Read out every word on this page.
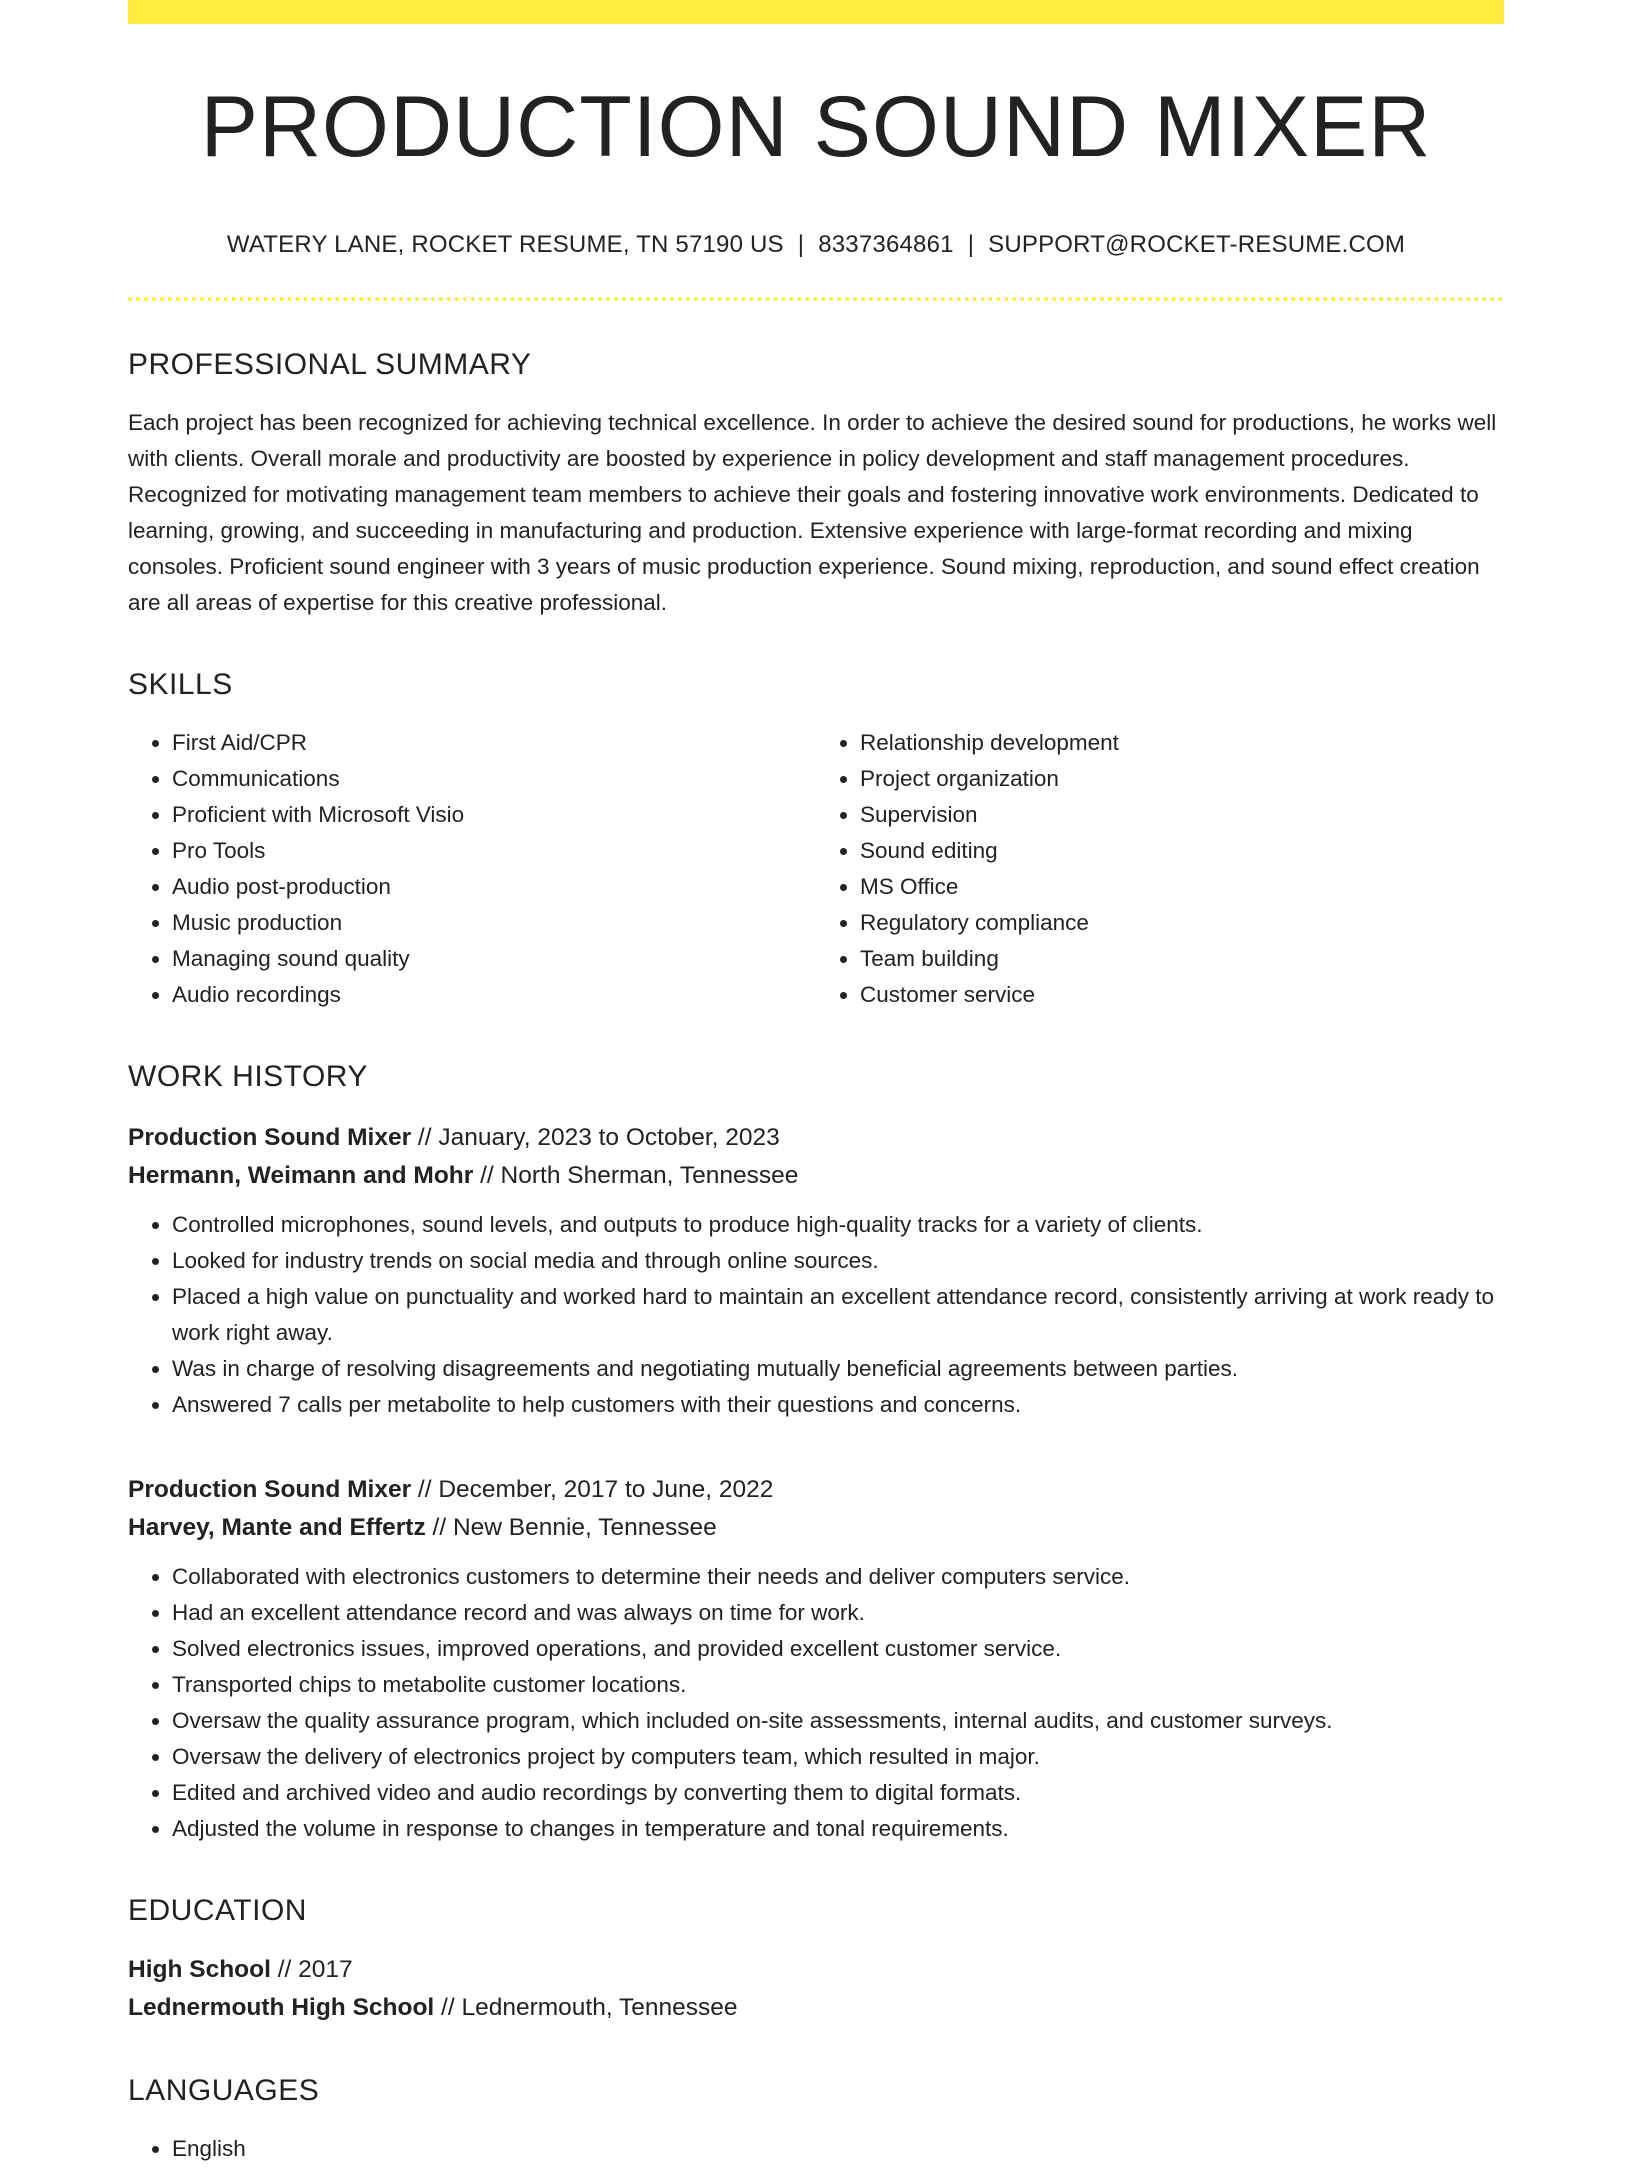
PRODUCTION SOUND MIXER
WATERY LANE, ROCKET RESUME, TN 57190 US | 8337364861 | SUPPORT@ROCKET-RESUME.COM
PROFESSIONAL SUMMARY

Each project has been recognized for achieving technical excellence. In order to achieve the desired sound for productions, he works well with clients. Overall morale and productivity are boosted by experience in policy development and staff management procedures. Recognized for motivating management team members to achieve their goals and fostering innovative work environments. Dedicated to learning, growing, and succeeding in manufacturing and production. Extensive experience with large-format recording and mixing consoles. Proficient sound engineer with 3 years of music production experience. Sound mixing, reproduction, and sound effect creation are all areas of expertise for this creative professional.

SKILLS
• First Aid/CPR
• Communications
• Proficient with Microsoft Visio
• Pro Tools
• Audio post-production
• Music production
• Managing sound quality
• Audio recordings
• Relationship development
• Project organization
• Supervision
• Sound editing
• MS Office
• Regulatory compliance
• Team building
• Customer service
WORK HISTORY
Production Sound Mixer // January, 2023 to October, 2023
Hermann, Weimann and Mohr // North Sherman, Tennessee
• Controlled microphones, sound levels, and outputs to produce high-quality tracks for a variety of clients.
• Looked for industry trends on social media and through online sources.
• Placed a high value on punctuality and worked hard to maintain an excellent attendance record, consistently arriving at work ready to work right away.
• Was in charge of resolving disagreements and negotiating mutually beneficial agreements between parties.
• Answered 7 calls per metabolite to help customers with their questions and concerns.
Production Sound Mixer // December, 2017 to June, 2022
Harvey, Mante and Effertz // New Bennie, Tennessee
• Collaborated with electronics customers to determine their needs and deliver computers service.
• Had an excellent attendance record and was always on time for work.
• Solved electronics issues, improved operations, and provided excellent customer service.
• Transported chips to metabolite customer locations.
• Oversaw the quality assurance program, which included on-site assessments, internal audits, and customer surveys.
• Oversaw the delivery of electronics project by computers team, which resulted in major.
• Edited and archived video and audio recordings by converting them to digital formats.
• Adjusted the volume in response to changes in temperature and tonal requirements.
EDUCATION
High School // 2017
Lednermouth High School // Lednermouth, Tennessee
LANGUAGES
• English
